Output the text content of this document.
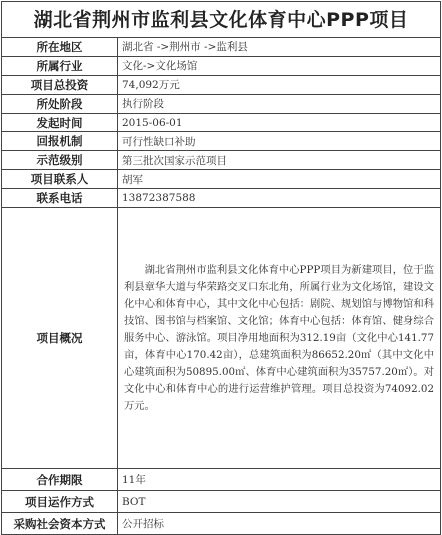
湖北省荆州市监利县文化体育中心PPP项目
所在地区	湖北省 ->荆州市 ->监利县
所属行业	文化->文化场馆
项目总投资	74,092万元
所处阶段	执行阶段
发起时间	2015-06-01
回报机制	可行性缺口补助
示范级别	第三批次国家示范项目
项目联系人	胡军
联系电话	13872387588
项目概况	湖北省荆州市监利县文化体育中心PPP项目为新建项目，位于监利县章华大道与华荣路交叉口东北角，所属行业为文化场馆，建设文化中心和体育中心，其中文化中心包括：剧院、规划馆与博物馆和科技馆、图书馆与档案馆、文化馆；体育中心包括：体育馆、健身综合服务中心、游泳馆。项目净用地面积为312.19亩（文化中心141.77亩，体育中心170.42亩），总建筑面积为86652.20㎡（其中文化中心建筑面积为50895.00㎡、体育中心建筑面积为35757.20㎡）。对文化中心和体育中心的进行运营维护管理。项目总投资为74092.02万元。

合作期限	11年
项目运作方式	BOT
采购社会资本方式	公开招标
